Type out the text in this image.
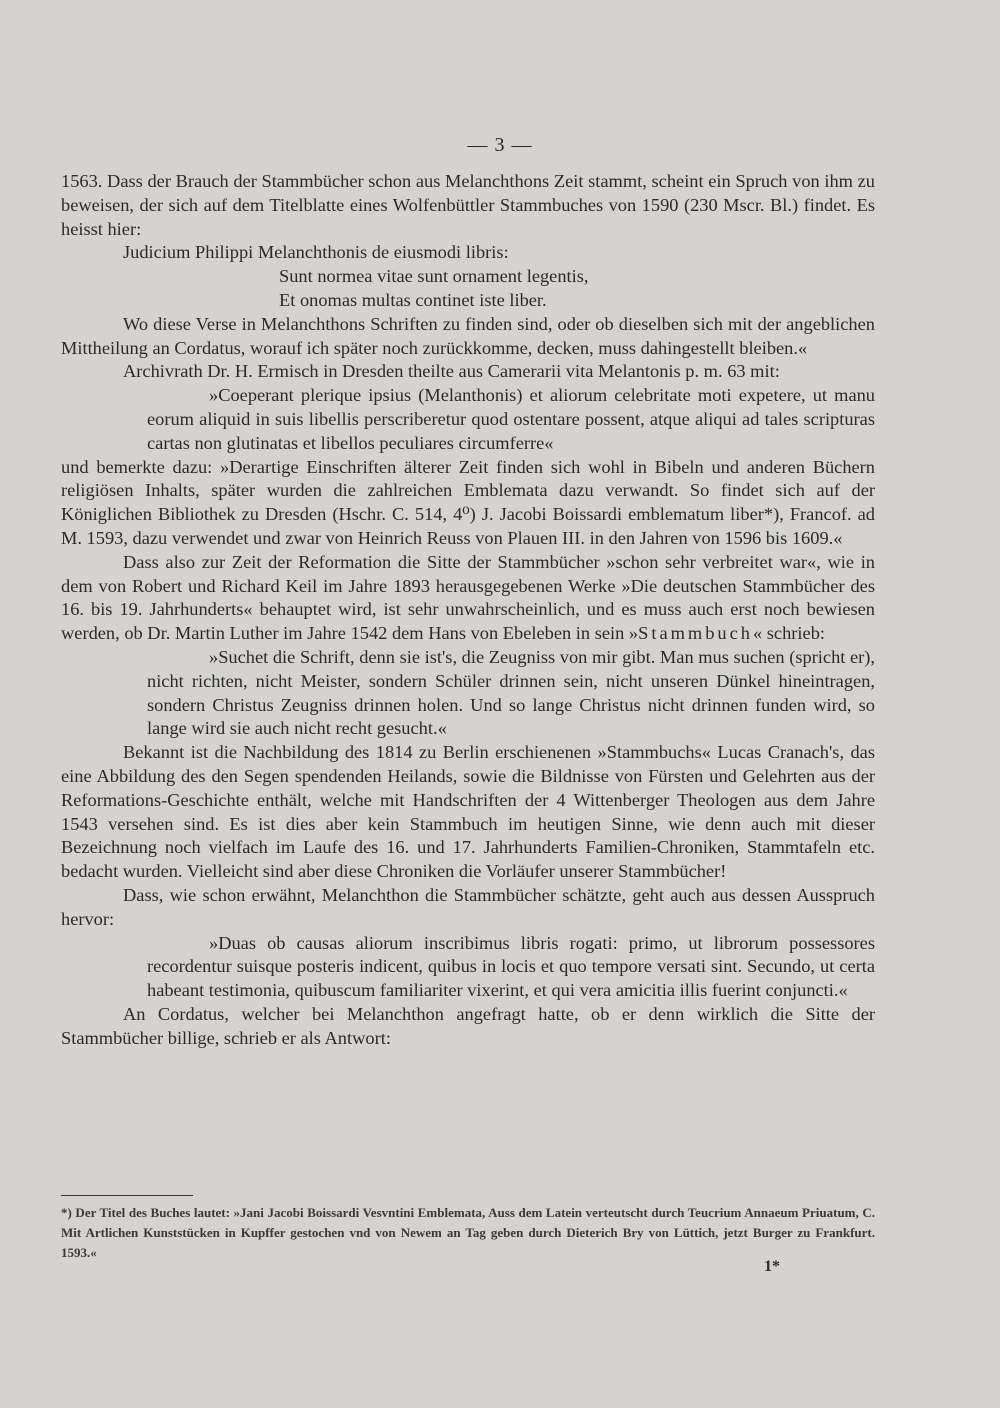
— 3 —

1563. Dass der Brauch der Stammbücher schon aus Melanchthons Zeit stammt, scheint ein Spruch von ihm zu beweisen, der sich auf dem Titelblatte eines Wolfenbüttler Stammbuches von 1590 (230 Mscr. Bl.) findet. Es heisst hier:

Judicium Philippi Melanchthonis de eiusmodi libris:

Sunt normea vitae sunt ornament legentis,

Et onomas multas continet iste liber.

Wo diese Verse in Melanchthons Schriften zu finden sind, oder ob dieselben sich mit der angeblichen Mittheilung an Cordatus, worauf ich später noch zurückkomme, decken, muss dahingestellt bleiben.«

Archivrath Dr. H. Ermisch in Dresden theilte aus Camerarii vita Melantonis p. m. 63 mit:

»Coeperant plerique ipsius (Melanthonis) et aliorum celebritate moti expetere, ut manu eorum aliquid in suis libellis perscriberetur quod ostentare possent, atque aliqui ad tales scripturas cartas non glutinatas et libellos peculiares circumferre«

und bemerkte dazu: »Derartige Einschriften älterer Zeit finden sich wohl in Bibeln und anderen Büchern religiösen Inhalts, später wurden die zahlreichen Emblemata dazu verwandt. So findet sich auf der Königlichen Bibliothek zu Dresden (Hschr. C. 514, 4⁰) J. Jacobi Boissardi emblematum liber*), Francof. ad M. 1593, dazu verwendet und zwar von Heinrich Reuss von Plauen III. in den Jahren von 1596 bis 1609.«

Dass also zur Zeit der Reformation die Sitte der Stammbücher »schon sehr verbreitet war«, wie in dem von Robert und Richard Keil im Jahre 1893 herausgegebenen Werke »Die deutschen Stammbücher des 16. bis 19. Jahrhunderts« behauptet wird, ist sehr unwahrscheinlich, und es muss auch erst noch bewiesen werden, ob Dr. Martin Luther im Jahre 1542 dem Hans von Ebeleben in sein »Stammbuch« schrieb:

»Suchet die Schrift, denn sie ist's, die Zeugniss von mir gibt. Man mus suchen (spricht er), nicht richten, nicht Meister, sondern Schüler drinnen sein, nicht unseren Dünkel hineintragen, sondern Christus Zeugniss drinnen holen. Und so lange Christus nicht drinnen funden wird, so lange wird sie auch nicht recht gesucht.«

Bekannt ist die Nachbildung des 1814 zu Berlin erschienenen »Stammbuchs« Lucas Cranach's, das eine Abbildung des den Segen spendenden Heilands, sowie die Bildnisse von Fürsten und Gelehrten aus der Reformations-Geschichte enthält, welche mit Handschriften der 4 Wittenberger Theologen aus dem Jahre 1543 versehen sind. Es ist dies aber kein Stammbuch im heutigen Sinne, wie denn auch mit dieser Bezeichnung noch vielfach im Laufe des 16. und 17. Jahrhunderts Familien-Chroniken, Stammtafeln etc. bedacht wurden. Vielleicht sind aber diese Chroniken die Vorläufer unserer Stammbücher!

Dass, wie schon erwähnt, Melanchthon die Stammbücher schätzte, geht auch aus dessen Ausspruch hervor:

»Duas ob causas aliorum inscribimus libris rogati: primo, ut librorum possessores recordentur suisque posteris indicent, quibus in locis et quo tempore versati sint. Secundo, ut certa habeant testimonia, quibuscum familiariter vixerint, et qui vera amicitia illis fuerint conjuncti.«

An Cordatus, welcher bei Melanchthon angefragt hatte, ob er denn wirklich die Sitte der Stammbücher billige, schrieb er als Antwort:

*) Der Titel des Buches lautet: »Jani Jacobi Boissardi Vesvntini Emblemata, Auss dem Latein verteutscht durch Teucrium Annaeum Priuatum, C. Mit Artlichen Kunststücken in Kupffer gestochen vnd von Newem an Tag geben durch Dieterich Bry von Lüttich, jetzt Burger zu Frankfurt. 1593.«
1*
